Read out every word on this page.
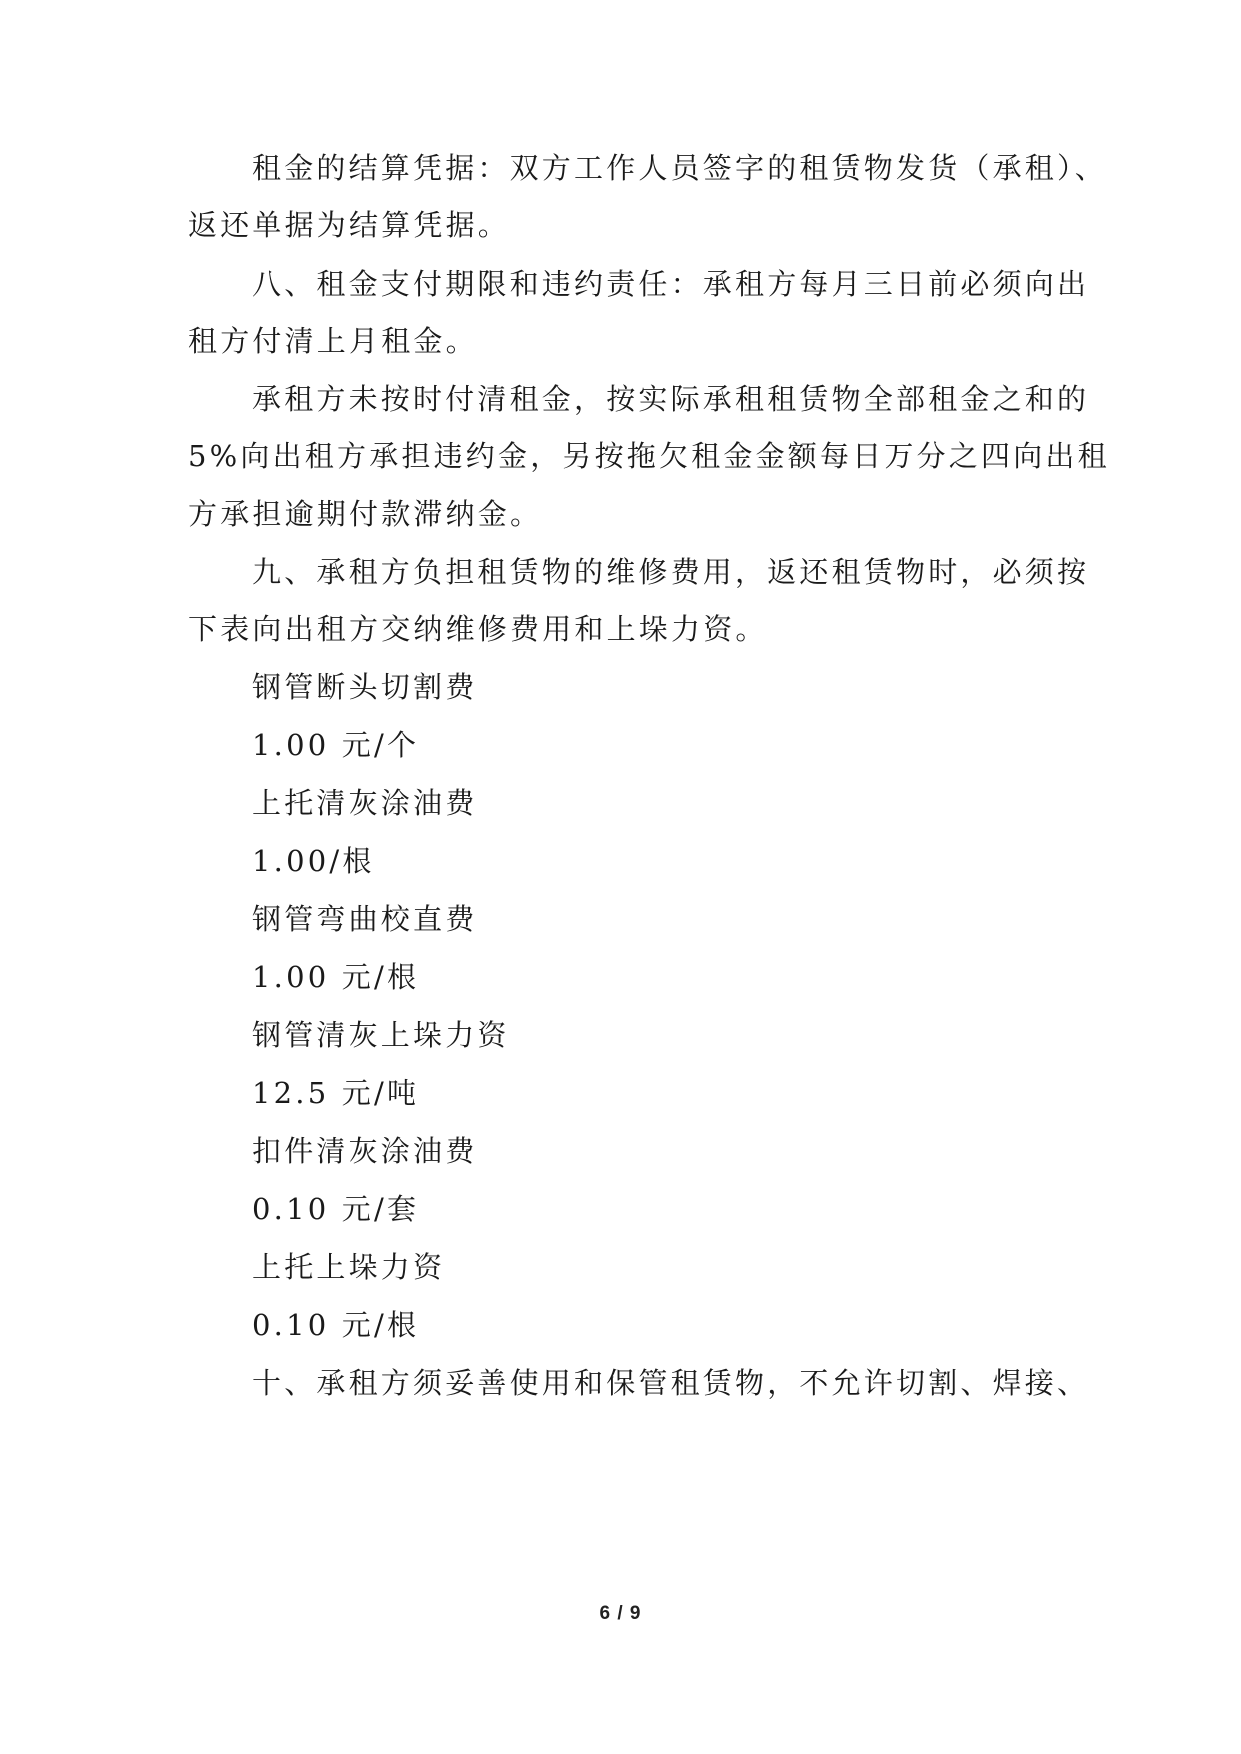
租金的结算凭据：双方工作人员签字的租赁物发货（承租）、
返还单据为结算凭据。
八、租金支付期限和违约责任：承租方每月三日前必须向出
租方付清上月租金。
承租方未按时付清租金，按实际承租租赁物全部租金之和的
5%向出租方承担违约金，另按拖欠租金金额每日万分之四向出租
方承担逾期付款滞纳金。
九、承租方负担租赁物的维修费用，返还租赁物时，必须按
下表向出租方交纳维修费用和上垛力资。
钢管断头切割费
1.00 元/个
上托清灰涂油费
1.00/根
钢管弯曲校直费
1.00 元/根
钢管清灰上垛力资
12.5 元/吨
扣件清灰涂油费
0.10 元/套
上托上垛力资
0.10 元/根
十、承租方须妥善使用和保管租赁物，不允许切割、焊接、
6 / 9
